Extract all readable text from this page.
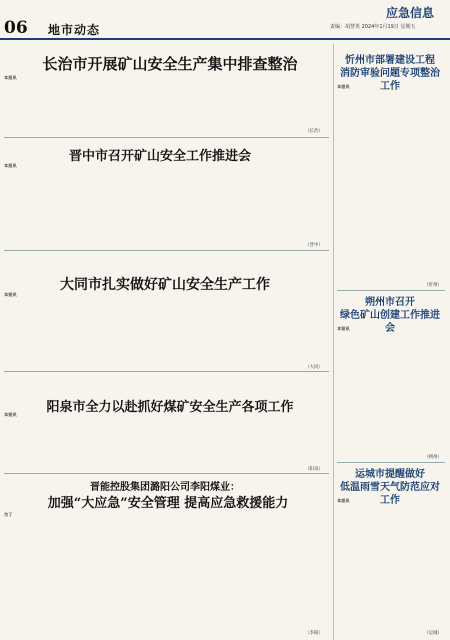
06 地市动态
应急信息
责编：胡慧英 2024年1月19日 星期五
长治市开展矿山安全生产集中排查整治
本报讯
（长治）
晋中市召开矿山安全工作推进会
本报讯
（晋中）
大同市扎实做好矿山安全生产工作
本报讯
（大同）
阳泉市全力以赴抓好煤矿安全生产各项工作
本报讯
（阳泉）
晋能控股集团潞阳公司李阳煤业：
加强“大应急”安全管理 提高应急救援能力
为了
（李阳）
忻州市部署建设工程
消防审验问题专项整治工作
本报讯
（忻州）
朔州市召开
绿色矿山创建工作推进会
本报讯
（朔州）
运城市提醒做好
低温雨雪天气防范应对工作
本报讯
（运城）
